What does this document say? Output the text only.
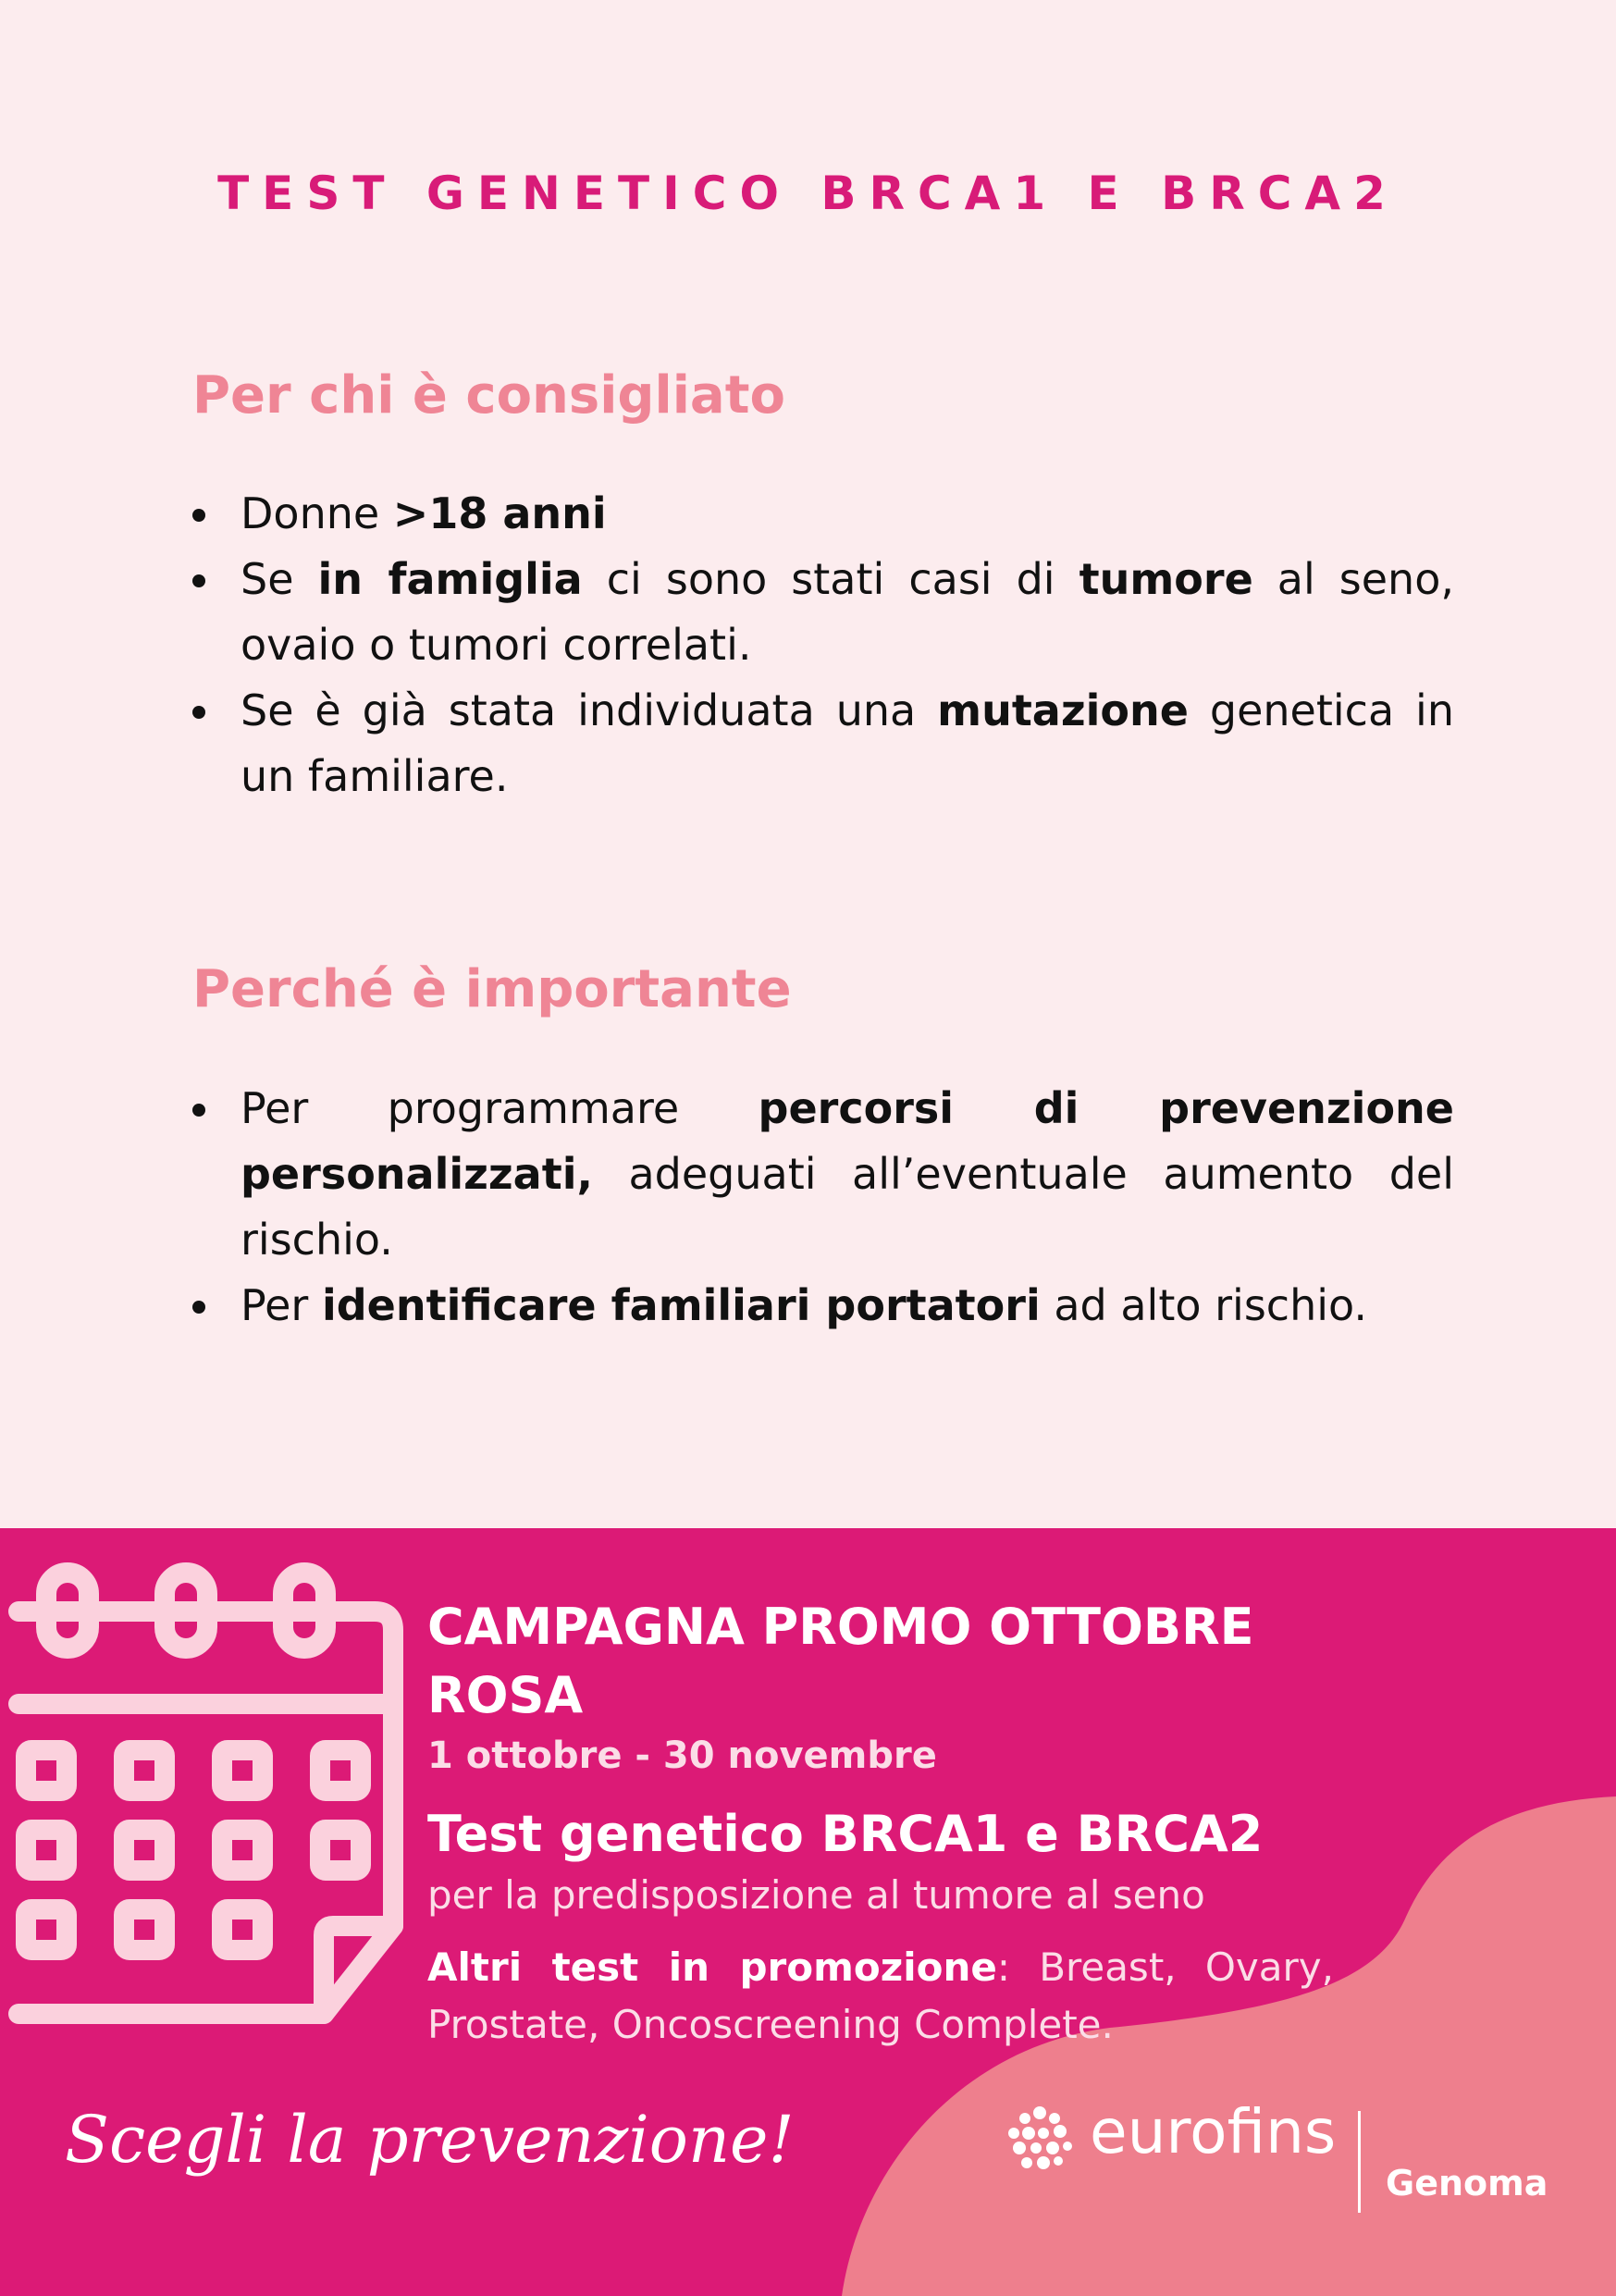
TEST GENETICO BRCA1 E BRCA2
Per chi è consigliato
Donne >18 anni
Se in famiglia ci sono stati casi di tumore al seno, ovaio o tumori correlati.
Se è già stata individuata una mutazione genetica in un familiare.
Perché è importante
Per programmare percorsi di prevenzione personalizzati, adeguati all’eventuale aumento del rischio.
Per identificare familiari portatori ad alto rischio.
CAMPAGNA PROMO OTTOBRE ROSA
1 ottobre - 30 novembre
Test genetico BRCA1 e BRCA2
per la predisposizione al tumore al seno
Altri test in promozione: Breast, Ovary, Prostate, Oncoscreening Complete.
Scegli la prevenzione!	eurofins
Genoma
